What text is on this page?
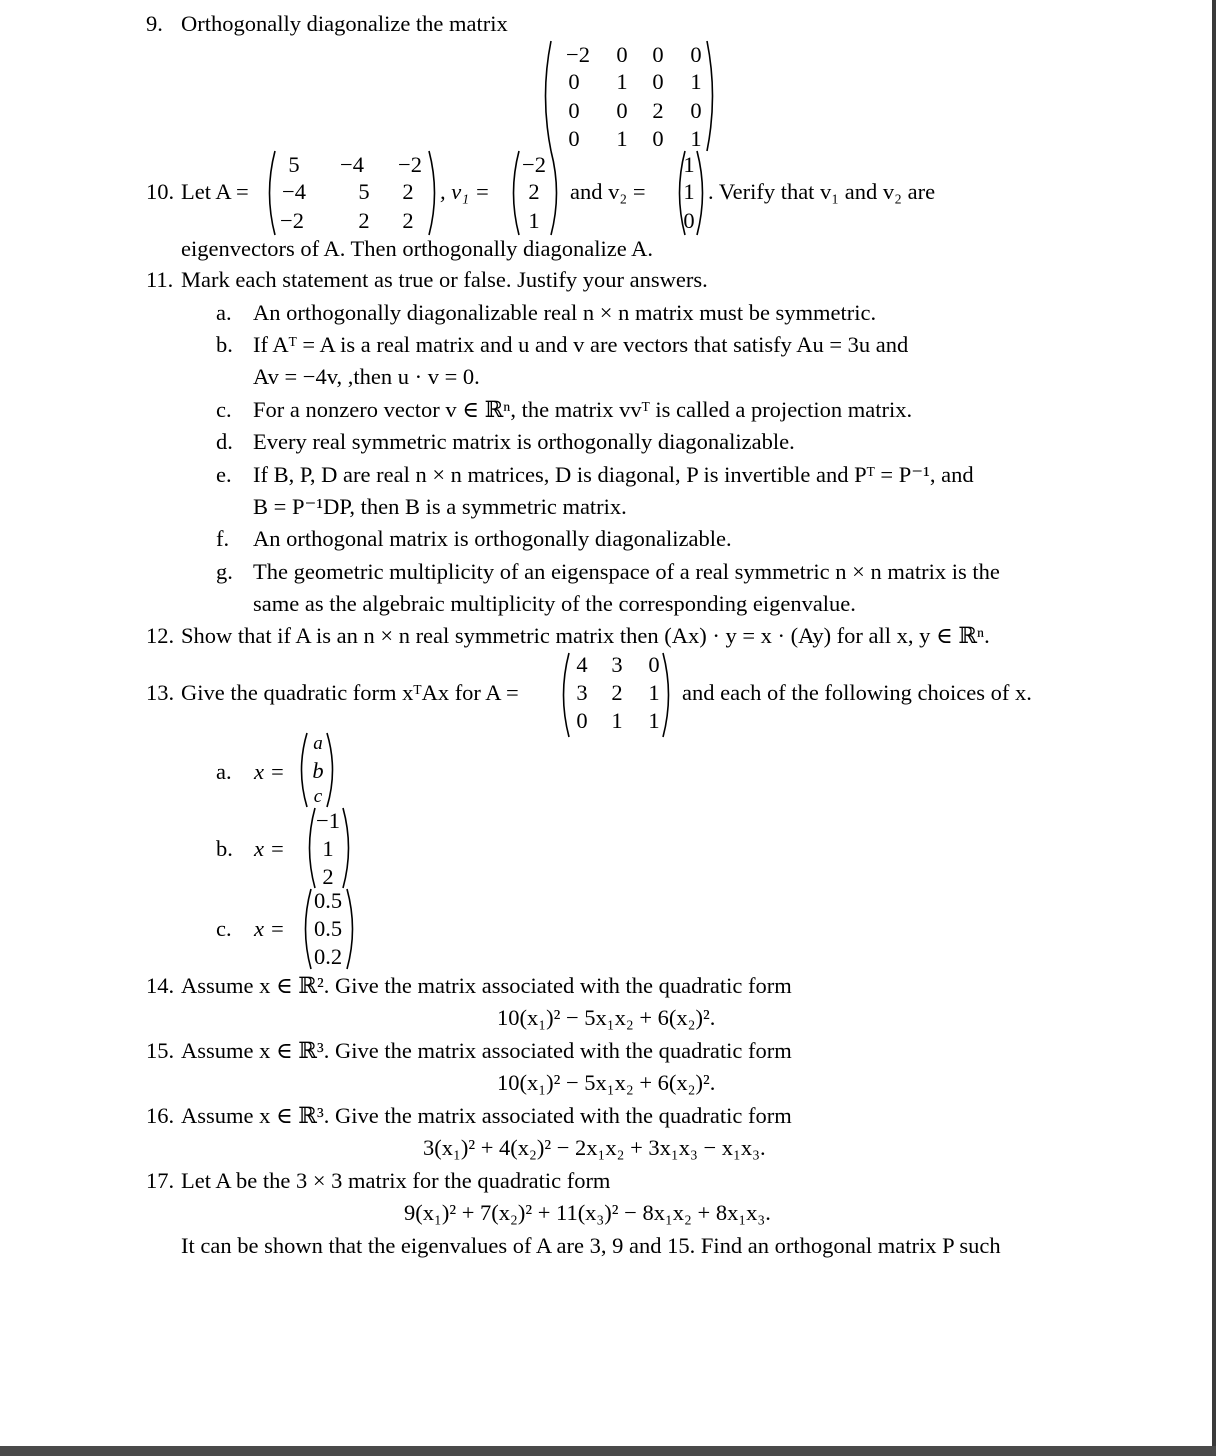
9. Orthogonally diagonalize the matrix
−2	0	0	0
0	1	0	1
0	0	2	0
0	1	0	1
10. Let A =
5	−4	−2
−4	5	2
−2	2	2
, v₁ =
−2
2
1
and v₂ =
1
1
0
. Verify that v₁ and v₂ are
eigenvectors of A. Then orthogonally diagonalize A.
11. Mark each statement as true or false. Justify your answers.
a. An orthogonally diagonalizable real n × n matrix must be symmetric.
b. If Aᵀ = A is a real matrix and u and v are vectors that satisfy Au = 3u and
Av = −4v, ,then u · v = 0.
c. For a nonzero vector v ∈ ℝⁿ, the matrix vvᵀ is called a projection matrix.
d. Every real symmetric matrix is orthogonally diagonalizable.
e. If B, P, D are real n × n matrices, D is diagonal, P is invertible and Pᵀ = P⁻¹, and
B = P⁻¹DP, then B is a symmetric matrix.
f. An orthogonal matrix is orthogonally diagonalizable.
g. The geometric multiplicity of an eigenspace of a real symmetric n × n matrix is the
same as the algebraic multiplicity of the corresponding eigenvalue.
12. Show that if A is an n × n real symmetric matrix then (Ax) · y = x · (Ay) for all x, y ∈ ℝⁿ.
13. Give the quadratic form xᵀAx for A =
4	3	0
3	2	1
0	1	1
and each of the following choices of x.
a. x =
a
b
c
b. x =
−1
1
2
c. x =
0.5
0.5
0.2
14. Assume x ∈ ℝ². Give the matrix associated with the quadratic form
10(x₁)² − 5x₁x₂ + 6(x₂)².
15. Assume x ∈ ℝ³. Give the matrix associated with the quadratic form
10(x₁)² − 5x₁x₂ + 6(x₂)².
16. Assume x ∈ ℝ³. Give the matrix associated with the quadratic form
3(x₁)² + 4(x₂)² − 2x₁x₂ + 3x₁x₃ − x₁x₃.
17. Let A be the 3 × 3 matrix for the quadratic form
9(x₁)² + 7(x₂)² + 11(x₃)² − 8x₁x₂ + 8x₁x₃.
It can be shown that the eigenvalues of A are 3, 9 and 15. Find an orthogonal matrix P such
